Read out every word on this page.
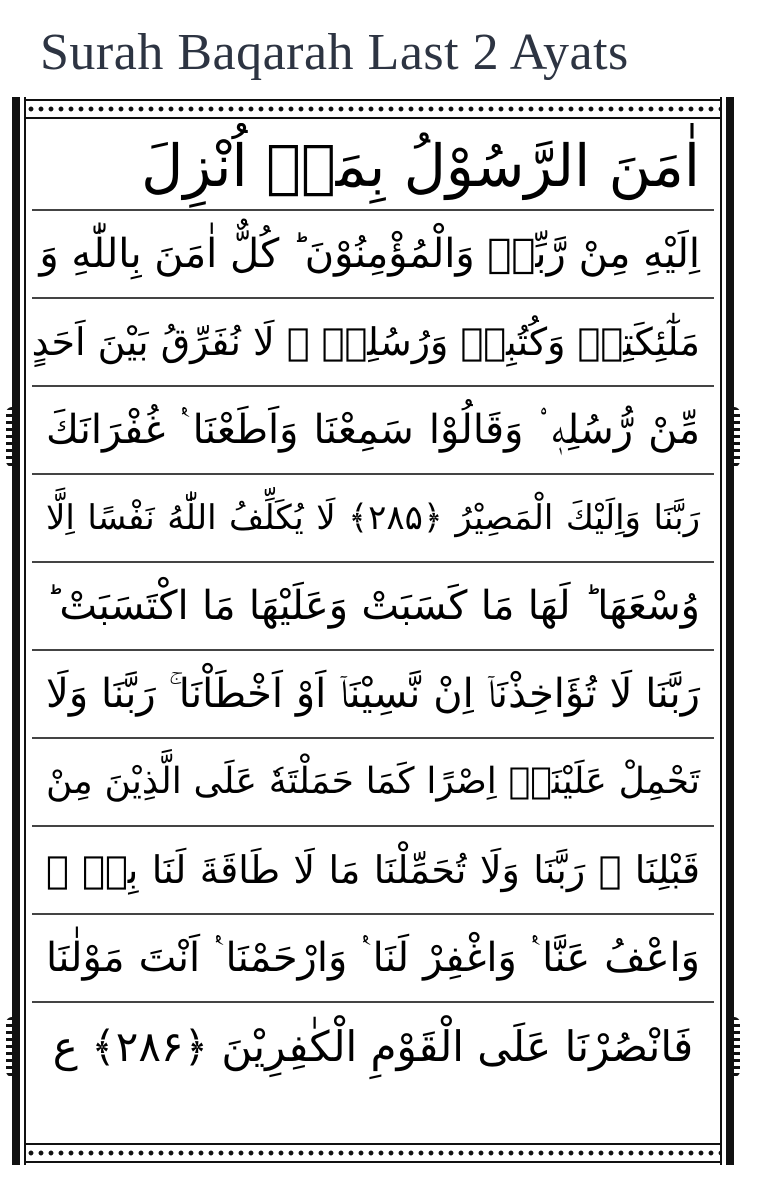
Surah Baqarah Last 2 Ayats
اٰمَنَ الرَّسُوْلُ بِمَاۤ اُنْزِلَ
اِلَيْهِ مِنْ رَّبِّهٖ وَالْمُؤْمِنُوْنَ ؕ كُلٌّ اٰمَنَ بِاللّٰهِ وَ
مَلٰٓئِكَتِهٖ وَكُتُبِهٖ وَرُسُلِهٖ ۟ لَا نُفَرِّقُ بَيْنَ اَحَدٍ
مِّنْ رُّسُلِهٖ ۟ وَقَالُوْا سَمِعْنَا وَاَطَعْنَا ٝ غُفْرَانَكَ
رَبَّنَا وَاِلَيْكَ الْمَصِيْرُ ﴿۲۸۵﴾ لَا يُكَلِّفُ اللّٰهُ نَفْسًا اِلَّا
وُسْعَهَا ؕ لَهَا مَا كَسَبَتْ وَعَلَيْهَا مَا اكْتَسَبَتْ ؕ
رَبَّنَا لَا تُؤَاخِذْنَاۤ اِنْ نَّسِيْنَاۤ اَوْ اَخْطَاْنَا ۚ رَبَّنَا وَلَا
تَحْمِلْ عَلَيْنَاۤ اِصْرًا كَمَا حَمَلْتَهٗ عَلَى الَّذِيْنَ مِنْ
قَبْلِنَا ۚ رَبَّنَا وَلَا تُحَمِّلْنَا مَا لَا طَاقَةَ لَنَا بِهٖ ۚ
وَاعْفُ عَنَّا ٝ وَاغْفِرْ لَنَا ٝ وَارْحَمْنَا ٝ اَنْتَ مَوْلٰنَا
فَانْصُرْنَا عَلَى الْقَوْمِ الْكٰفِرِيْنَ ﴿۲۸۶﴾ ع
